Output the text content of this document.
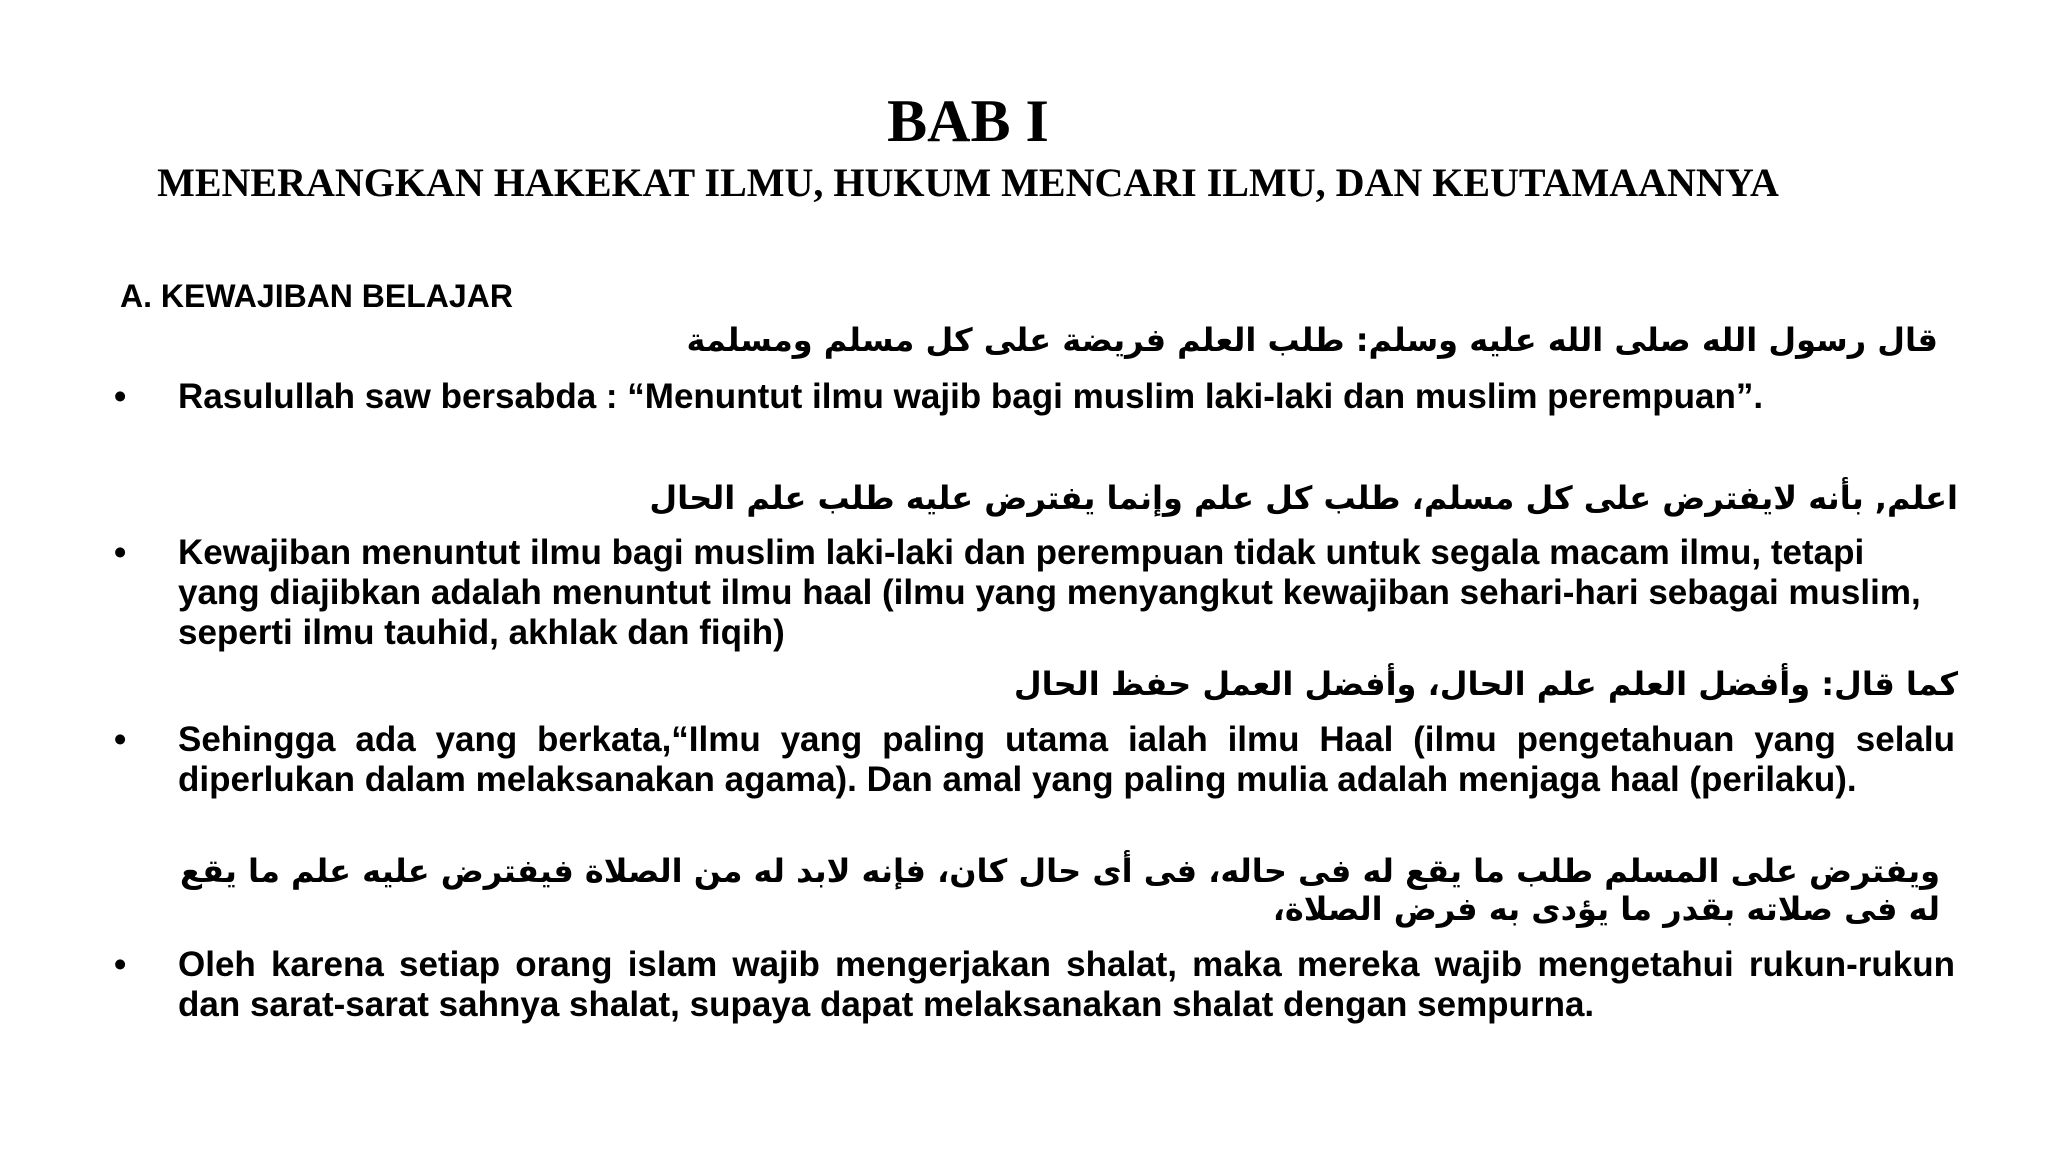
BAB I
MENERANGKAN HAKEKAT ILMU, HUKUM MENCARI ILMU, DAN KEUTAMAANNYA
A. KEWAJIBAN BELAJAR
قال رسول الله صلى الله عليه وسلم: طلب العلم فريضة على كل مسلم ومسلمة
•	Rasulullah saw bersabda : “Menuntut ilmu wajib bagi muslim laki-laki dan muslim perempuan”.
اعلم, بأنه لايفترض على كل مسلم، طلب كل علم وإنما يفترض عليه طلب علم الحال
•	Kewajiban menuntut ilmu bagi muslim laki-laki dan perempuan tidak untuk segala macam ilmu, tetapi yang diajibkan adalah menuntut ilmu haal (ilmu yang menyangkut kewajiban sehari-hari sebagai muslim, seperti ilmu tauhid, akhlak dan fiqih)
كما قال: وأفضل العلم علم الحال، وأفضل العمل حفظ الحال
•	Sehingga ada yang berkata,“Ilmu yang paling utama ialah ilmu Haal (ilmu pengetahuan yang selalu diperlukan dalam melaksanakan agama). Dan amal yang paling mulia adalah menjaga haal (perilaku).
ويفترض على المسلم طلب ما يقع له فى حاله، فى أى حال كان، فإنه لابد له من الصلاة فيفترض عليه علم ما يقع له فى صلاته بقدر ما يؤدى به فرض الصلاة،
•	Oleh karena setiap orang islam wajib mengerjakan shalat, maka mereka wajib mengetahui rukun-rukun dan sarat-sarat sahnya shalat, supaya dapat melaksanakan shalat dengan sempurna.
